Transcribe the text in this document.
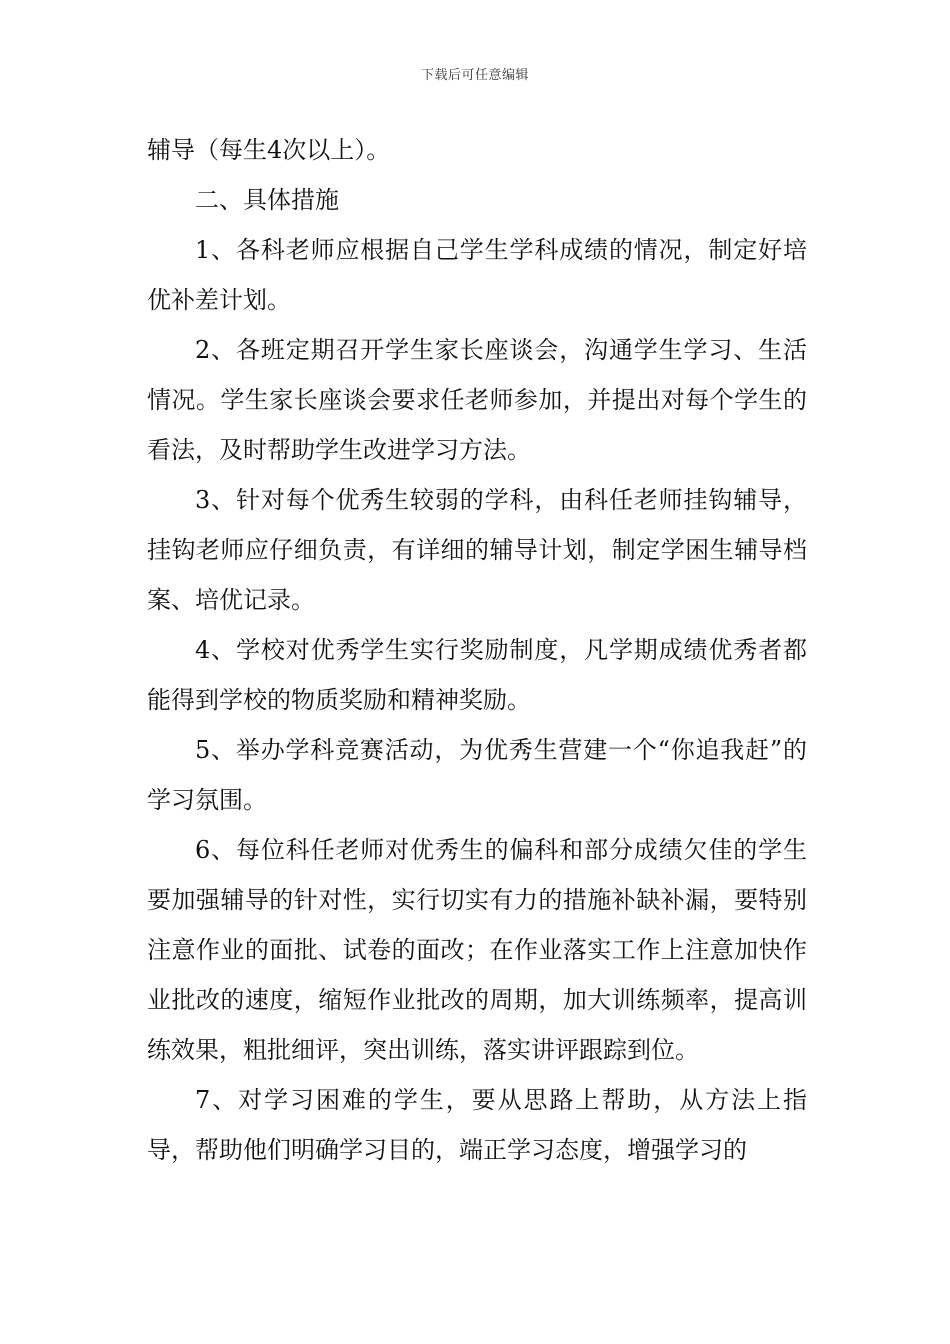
下载后可任意编辑

辅导（每生4次以上）。

二、具体措施

1、各科老师应根据自己学生学科成绩的情况，制定好培优补差计划。

2、各班定期召开学生家长座谈会，沟通学生学习、生活情况。学生家长座谈会要求任老师参加，并提出对每个学生的看法，及时帮助学生改进学习方法。

3、针对每个优秀生较弱的学科，由科任老师挂钩辅导，挂钩老师应仔细负责，有详细的辅导计划，制定学困生辅导档案、培优记录。

4、学校对优秀学生实行奖励制度，凡学期成绩优秀者都能得到学校的物质奖励和精神奖励。

5、举办学科竞赛活动，为优秀生营建一个“你追我赶”的学习氛围。

6、每位科任老师对优秀生的偏科和部分成绩欠佳的学生要加强辅导的针对性，实行切实有力的措施补缺补漏，要特别注意作业的面批、试卷的面改；在作业落实工作上注意加快作业批改的速度，缩短作业批改的周期，加大训练频率，提高训练效果，粗批细评，突出训练，落实讲评跟踪到位。

7、对学习困难的学生，要从思路上帮助，从方法上指导，帮助他们明确学习目的，端正学习态度，增强学习的
